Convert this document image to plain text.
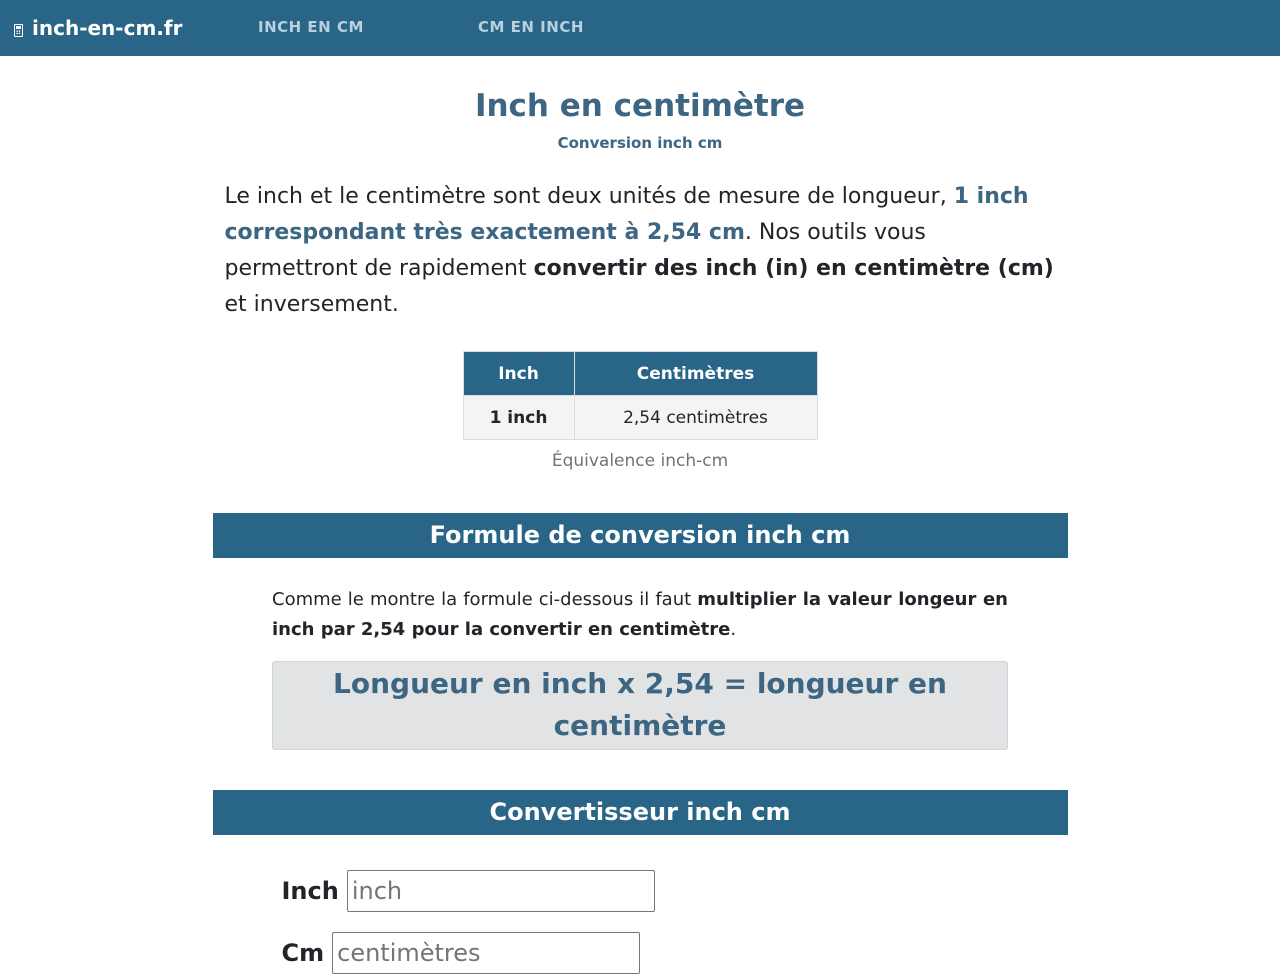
inch-en-cm.fr	INCH EN CM	CM EN INCH
Inch en centimètre
Conversion inch cm

Le inch et le centimètre sont deux unités de mesure de longueur, 1 inch correspondant très exactement à 2,54 cm. Nos outils vous permettront de rapidement convertir des inch (in) en centimètre (cm) et inversement.

Inch	Centimètres
1 inch	2,54 centimètres
Équivalence inch-cm
Formule de conversion inch cm

Comme le montre la formule ci-dessous il faut multiplier la valeur longeur en inch par 2,54 pour la convertir en centimètre.

Longueur en inch x 2,54 = longueur en centimètre
Convertisseur inch cm
Inch
inch
Cm
centimètres
